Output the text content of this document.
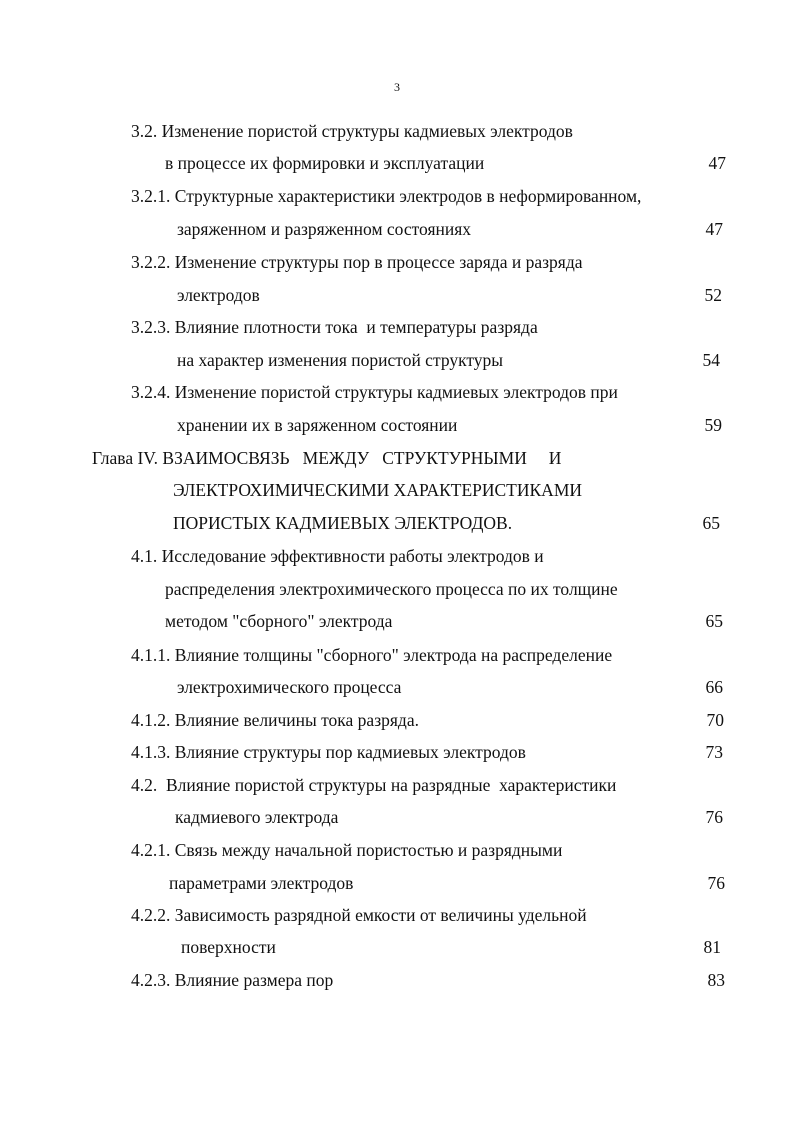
3
3.2. Изменение пористой структуры кадмиевых электродов
в процессе их формировки и эксплуатации	47
3.2.1. Структурные характеристики электродов в неформированном,
заряженном и разряженном состояниях	47
3.2.2. Изменение структуры пор в процессе заряда и разряда
электродов	52
3.2.3. Влияние плотности тока  и температуры разряда
на характер изменения пористой структуры	54
3.2.4. Изменение пористой структуры кадмиевых электродов при
хранении их в заряженном состоянии	59
Глава IV. ВЗАИМОСВЯЗЬ   МЕЖДУ   СТРУКТУРНЫМИ     И
ЭЛЕКТРОХИМИЧЕСКИМИ ХАРАКТЕРИСТИКАМИ
ПОРИСТЫХ КАДМИЕВЫХ ЭЛЕКТРОДОВ.	65
4.1. Исследование эффективности работы электродов и
распределения электрохимического процесса по их толщине
методом "сборного" электрода	65
4.1.1. Влияние толщины "сборного" электрода на распределение
электрохимического процесса	66
4.1.2. Влияние величины тока разряда.	70
4.1.3. Влияние структуры пор кадмиевых электродов	73
4.2.  Влияние пористой структуры на разрядные  характеристики
кадмиевого электрода	76
4.2.1. Связь между начальной пористостью и разрядными
параметрами электродов	76
4.2.2. Зависимость разрядной емкости от величины удельной
поверхности	81
4.2.3. Влияние размера пор	83
